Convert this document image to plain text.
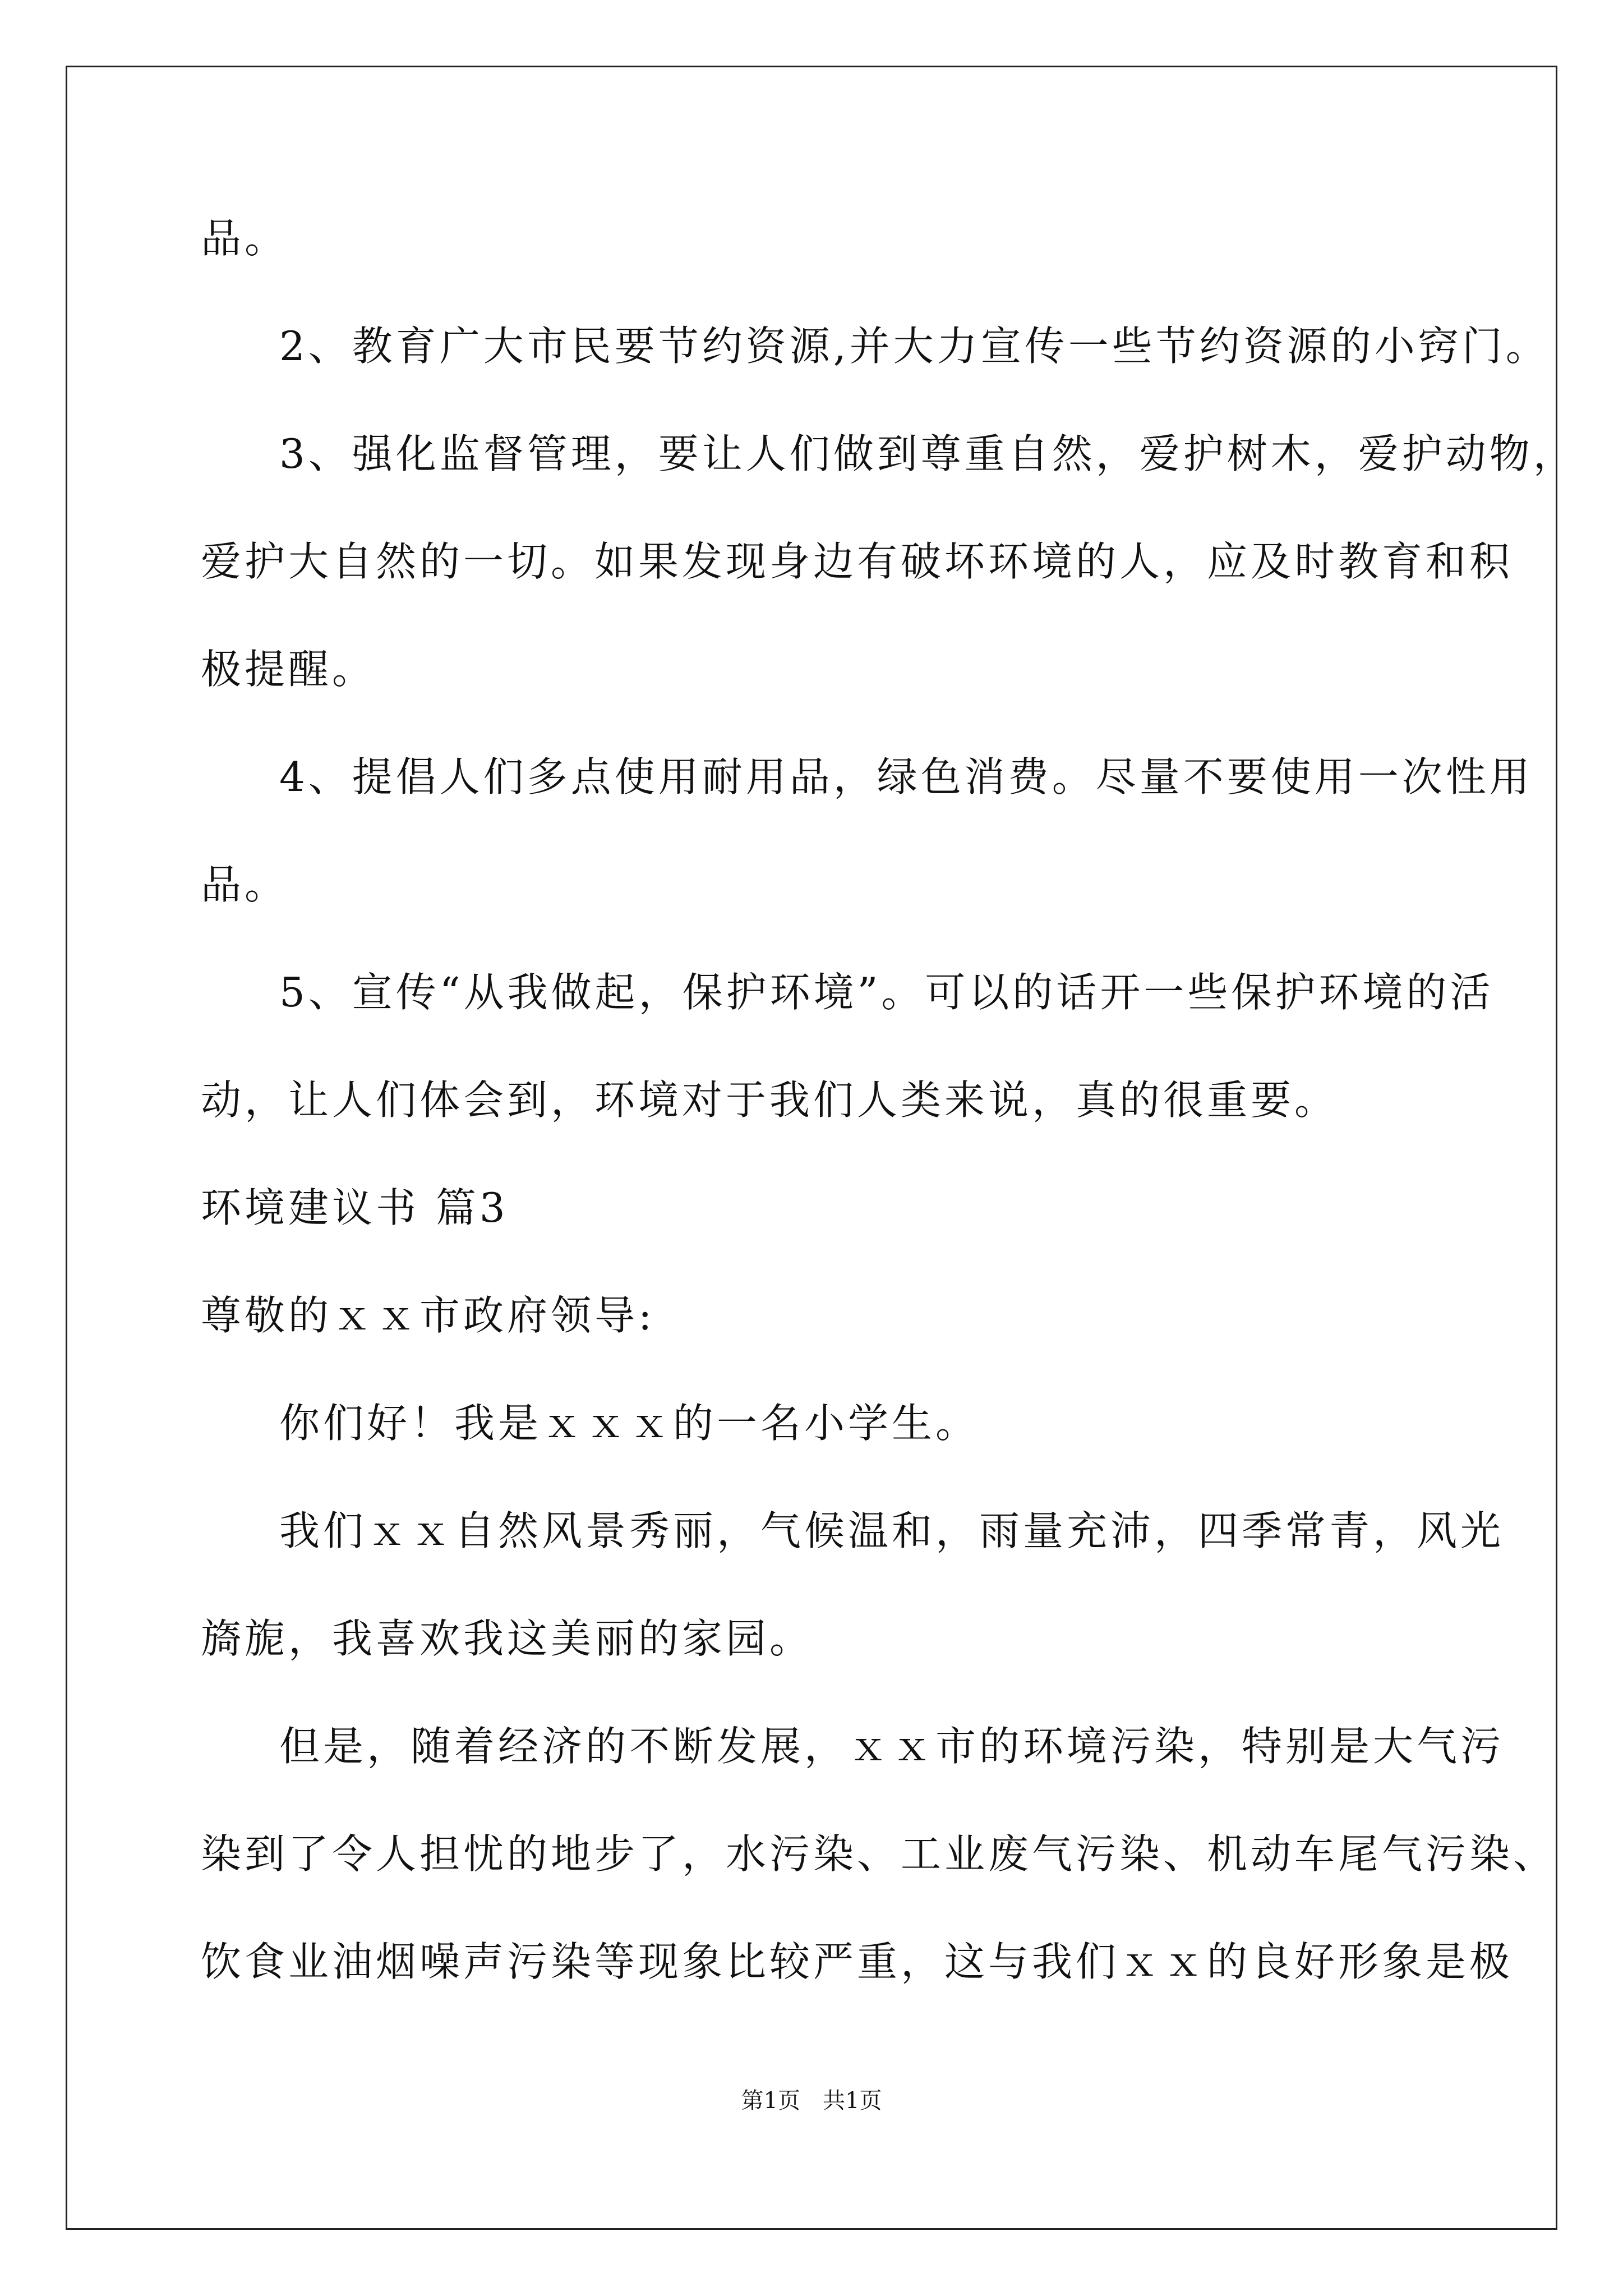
品。
2、教育广大市民要节约资源,并大力宣传一些节约资源的小窍门。
3、强化监督管理，要让人们做到尊重自然，爱护树木，爱护动物，
爱护大自然的一切。如果发现身边有破坏环境的人，应及时教育和积
极提醒。
4、提倡人们多点使用耐用品，绿色消费。尽量不要使用一次性用
品。
5、宣传“从我做起，保护环境”。可以的话开一些保护环境的活
动，让人们体会到，环境对于我们人类来说，真的很重要。
环境建议书 篇3
尊敬的ｘｘ市政府领导:
你们好！我是ｘｘｘ的一名小学生。
我们ｘｘ自然风景秀丽，气候温和，雨量充沛，四季常青，风光
旖旎，我喜欢我这美丽的家园。
但是，随着经济的不断发展，ｘｘ市的环境污染，特别是大气污
染到了令人担忧的地步了，水污染、工业废气污染、机动车尾气污染、
饮食业油烟噪声污染等现象比较严重，这与我们ｘｘ的良好形象是极
第1页　共1页
